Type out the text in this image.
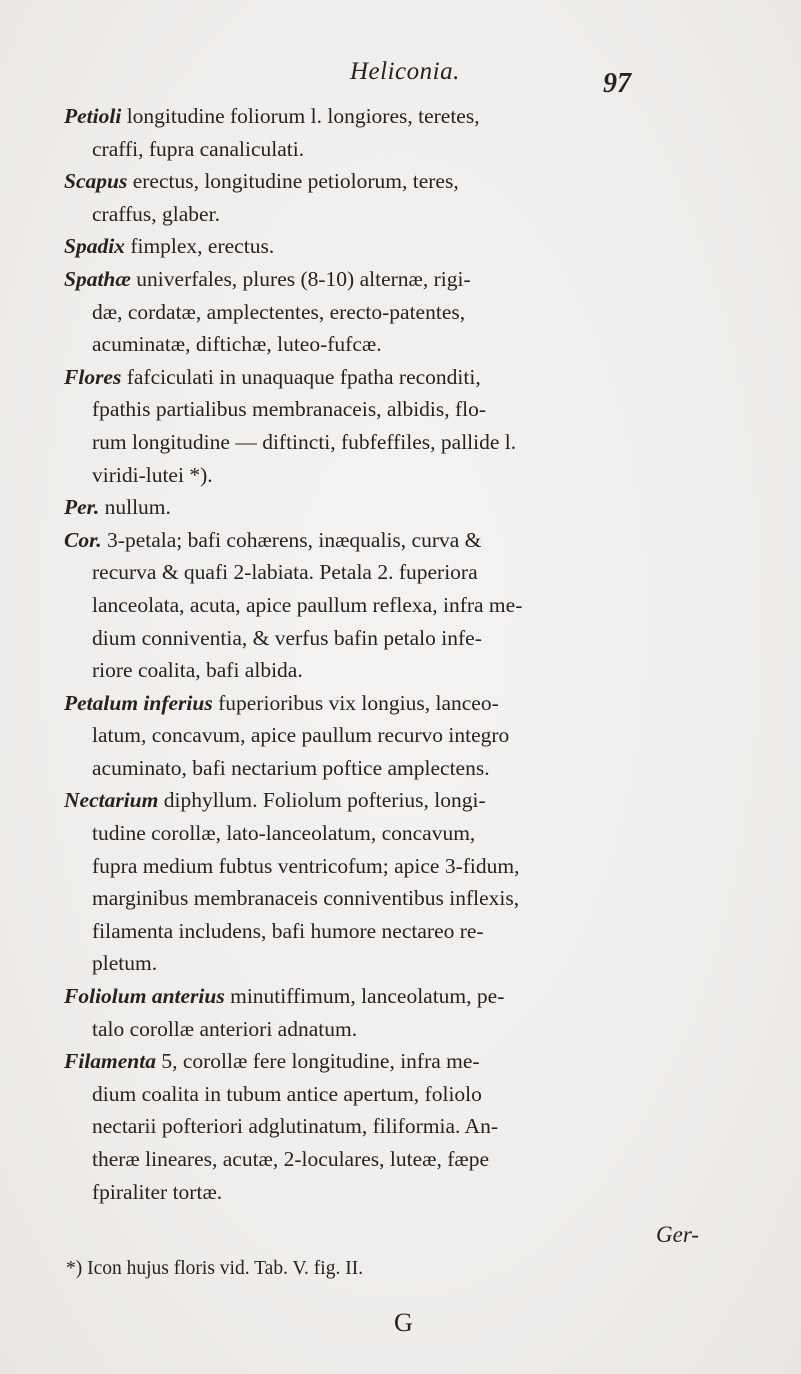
Heliconia.	97

Petioli longitudine foliorum l. longiores, teretes,
craffi, fupra canaliculati.

Scapus erectus, longitudine petiolorum, teres,
craffus, glaber.

Spadix fimplex, erectus.

Spathæ univerfales, plures (8-10) alternæ, rigi-
dæ, cordatæ, amplectentes, erecto-patentes,
acuminatæ, diftichæ, luteo-fufcæ.

Flores fafciculati in unaquaque fpatha reconditi,
fpathis partialibus membranaceis, albidis, flo-
rum longitudine — diftincti, fubfeffiles, pallide l.
viridi-lutei *).

Per. nullum.

Cor. 3-petala; bafi cohærens, inæqualis, curva &
recurva & quafi 2-labiata. Petala 2. fuperiora
lanceolata, acuta, apice paullum reflexa, infra me-
dium conniventia, & verfus bafin petalo infe-
riore coalita, bafi albida.

Petalum inferius fuperioribus vix longius, lanceo-
latum, concavum, apice paullum recurvo integro
acuminato, bafi nectarium poftice amplectens.

Nectarium diphyllum. Foliolum pofterius, longi-
tudine corollæ, lato-lanceolatum, concavum,
fupra medium fubtus ventricofum; apice 3-fidum,
marginibus membranaceis conniventibus inflexis,
filamenta includens, bafi humore nectareo re-
pletum.

Foliolum anterius minutiffimum, lanceolatum, pe-
talo corollæ anteriori adnatum.

Filamenta 5, corollæ fere longitudine, infra me-
dium coalita in tubum antice apertum, foliolo
nectarii pofteriori adglutinatum, filiformia. An-
theræ lineares, acutæ, 2-loculares, luteæ, fæpe
fpiraliter tortæ.

Ger-
*) Icon hujus floris vid. Tab. V. fig. II.
G
